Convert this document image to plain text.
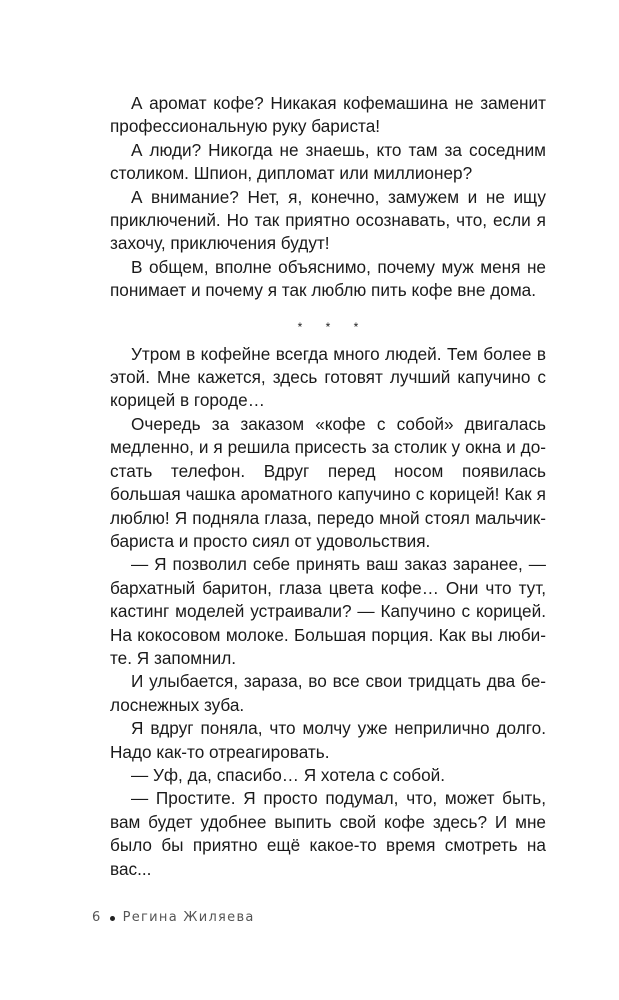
А аромат кофе? Никакая кофемашина не заменит профессиональную руку бариста!

А люди? Никогда не знаешь, кто там за соседним столиком. Шпион, дипломат или миллионер?

А внимание? Нет, я, конечно, замужем и не ищу приключений. Но так приятно осознавать, что, если я захочу, приключения будут!

В общем, вполне объяснимо, почему муж меня не понимает и почему я так люблю пить кофе вне дома.

* * *

Утром в кофейне всегда много людей. Тем более в этой. Мне кажется, здесь готовят лучший капучино с корицей в городе…

Очередь за заказом «кофе с собой» двигалась медленно, и я решила присесть за столик у окна и достать телефон. Вдруг перед носом появилась большая чашка ароматного капучино с корицей! Как я люблю! Я подняла глаза, передо мной стоял мальчик-бариста и просто сиял от удовольствия.

— Я позволил себе принять ваш заказ заранее, — бархатный баритон, глаза цвета кофе… Они что тут, кастинг моделей устраивали? — Капучино с корицей. На кокосовом молоке. Большая порция. Как вы любите. Я запомнил.

И улыбается, зараза, во все свои тридцать два белоснежных зуба.

Я вдруг поняла, что молчу уже неприлично долго. Надо как-то отреагировать.

— Уф, да, спасибо… Я хотела с собой.

— Простите. Я просто подумал, что, может быть, вам будет удобнее выпить свой кофе здесь? И мне было бы приятно ещё какое-то время смотреть на вас...

6 Регина Жиляева
